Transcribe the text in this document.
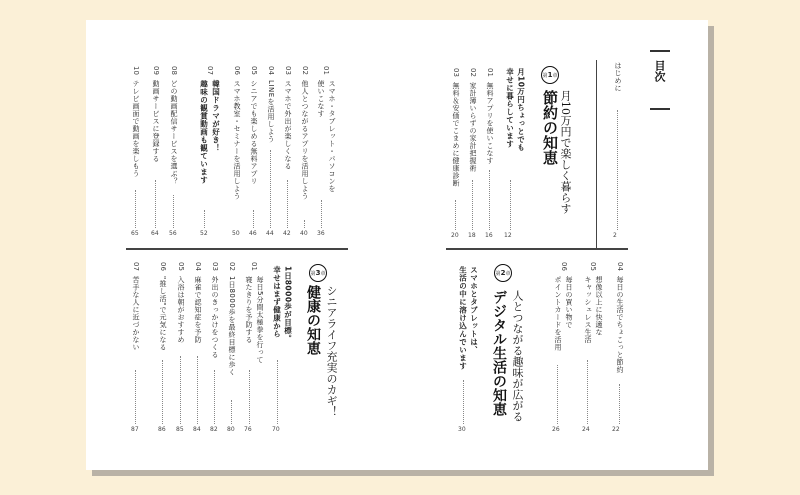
目次
はじめに
2
第 1 章
月10万円で楽しく暮らす
節約の知恵
月10万円ちょっとでも
幸せに暮らしています
12
01
無料アプリを使いこなす
16
02
家計簿いらずの家計把握術
18
03
無料＆安価でこまめに健康診断
20
04
毎日の生活でちょこっと節約
22
05
想像以上に快適な
キャッシュレス生活
24
06
毎日の買い物で
ポイントカードを活用
26
第 2 章
人とつながる趣味が広がる
デジタル生活の知恵
スマホとタブレットは、
生活の中に溶け込んでいます
30
01
スマホ・タブレット・パソコンを
使いこなす
36
02
他人とつながるアプリを活用しよう
40
03
スマホで外出が楽しくなる
42
04
LINEを活用しよう
44
05
シニアでも楽しめる無料アプリ
46
06
スマホ教室・セミナーを活用しよう
50
07
韓国ドラマが好き！
趣味の観賞動画も観ています
52
08
どの動画配信サービスを選ぶ？
56
09
動画サービスに登録する
64
10
テレビ画面で動画を楽しもう
65
第 3 章
シニアライフ充実のカギ！
健康の知恵
1日8000歩が目標。
幸せはまず健康から
70
01
毎日5分間太極拳を行って
寝たきりを予防する
76
02
1日8000歩を最終目標に歩く
80
03
外出のきっかけをつくる
82
04
麻雀で認知症を予防
84
05
入浴は朝がおすすめ
85
06
"推し活"で元気になる
86
07
苦手な人に近づかない
87
